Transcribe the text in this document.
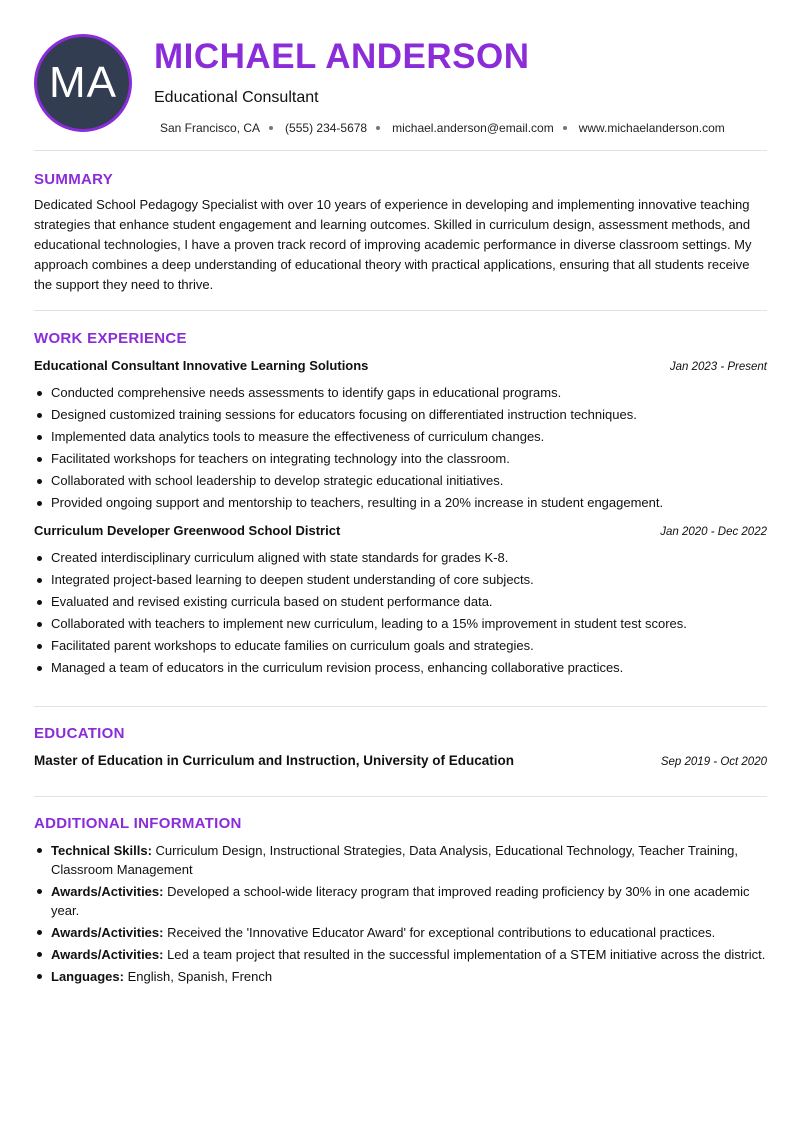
MA
MICHAEL ANDERSON
Educational Consultant
San Francisco, CA (555) 234-5678 michael.anderson@email.com www.michaelanderson.com
SUMMARY

Dedicated School Pedagogy Specialist with over 10 years of experience in developing and implementing innovative teaching strategies that enhance student engagement and learning outcomes. Skilled in curriculum design, assessment methods, and educational technologies, I have a proven track record of improving academic performance in diverse classroom settings. My approach combines a deep understanding of educational theory with practical applications, ensuring that all students receive the support they need to thrive.

WORK EXPERIENCE
Educational Consultant Innovative Learning Solutions	Jan 2023 - Present
Conducted comprehensive needs assessments to identify gaps in educational programs.
Designed customized training sessions for educators focusing on differentiated instruction techniques.
Implemented data analytics tools to measure the effectiveness of curriculum changes.
Facilitated workshops for teachers on integrating technology into the classroom.
Collaborated with school leadership to develop strategic educational initiatives.
Provided ongoing support and mentorship to teachers, resulting in a 20% increase in student engagement.
Curriculum Developer Greenwood School District	Jan 2020 - Dec 2022
Created interdisciplinary curriculum aligned with state standards for grades K-8.
Integrated project-based learning to deepen student understanding of core subjects.
Evaluated and revised existing curricula based on student performance data.
Collaborated with teachers to implement new curriculum, leading to a 15% improvement in student test scores.
Facilitated parent workshops to educate families on curriculum goals and strategies.
Managed a team of educators in the curriculum revision process, enhancing collaborative practices.
EDUCATION
Master of Education in Curriculum and Instruction, University of Education	Sep 2019 - Oct 2020
ADDITIONAL INFORMATION
Technical Skills: Curriculum Design, Instructional Strategies, Data Analysis, Educational Technology, Teacher Training, Classroom Management
Awards/Activities: Developed a school-wide literacy program that improved reading proficiency by 30% in one academic year.
Awards/Activities: Received the 'Innovative Educator Award' for exceptional contributions to educational practices.
Awards/Activities: Led a team project that resulted in the successful implementation of a STEM initiative across the district.
Languages: English, Spanish, French
